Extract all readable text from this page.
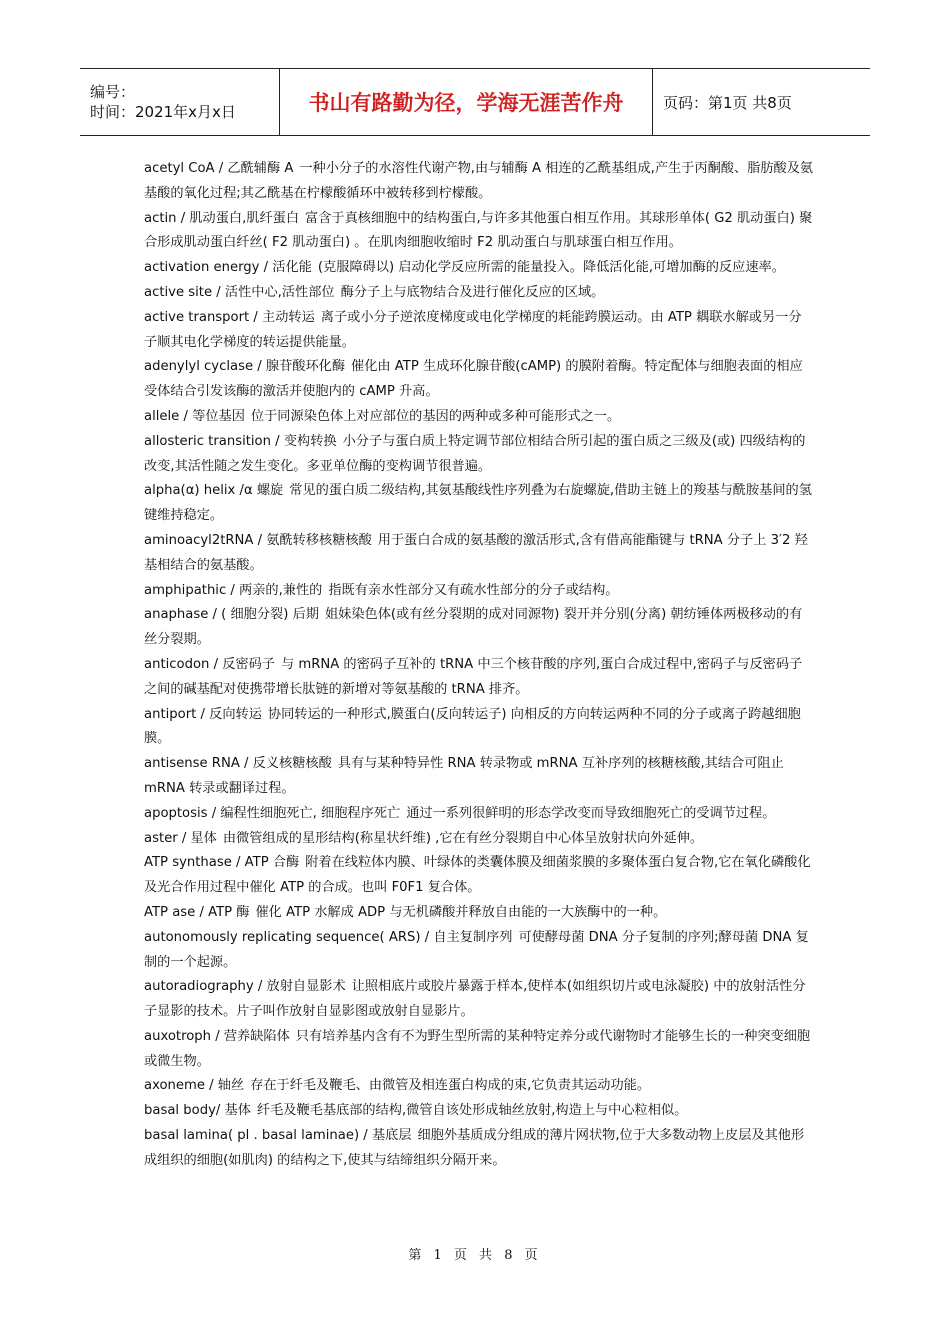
编号：
时间：2021年x月x日	书山有路勤为径，学海无涯苦作舟	页码：第1页 共8页

acetyl CoA / 乙酰辅酶 A 一种小分子的水溶性代谢产物,由与辅酶 A 相连的乙酰基组成,产生于丙酮酸、脂肪酸及氨基酸的氧化过程;其乙酰基在柠檬酸循环中被转移到柠檬酸。

actin / 肌动蛋白,肌纤蛋白 富含于真核细胞中的结构蛋白,与许多其他蛋白相互作用。其球形单体( G2 肌动蛋白) 聚合形成肌动蛋白纤丝( F2 肌动蛋白) 。在肌肉细胞收缩时 F2 肌动蛋白与肌球蛋白相互作用。

activation energy / 活化能 (克服障碍以) 启动化学反应所需的能量投入。降低活化能,可增加酶的反应速率。

active site / 活性中心,活性部位 酶分子上与底物结合及进行催化反应的区域。

active transport / 主动转运 离子或小分子逆浓度梯度或电化学梯度的耗能跨膜运动。由 ATP 耦联水解或另一分子顺其电化学梯度的转运提供能量。

adenylyl cyclase / 腺苷酸环化酶 催化由 ATP 生成环化腺苷酸(cAMP) 的膜附着酶。特定配体与细胞表面的相应受体结合引发该酶的激活并使胞内的 cAMP 升高。

allele / 等位基因 位于同源染色体上对应部位的基因的两种或多种可能形式之一。

allosteric transition / 变构转换 小分子与蛋白质上特定调节部位相结合所引起的蛋白质之三级及(或) 四级结构的改变,其活性随之发生变化。多亚单位酶的变构调节很普遍。

alpha(α) helix /α 螺旋 常见的蛋白质二级结构,其氨基酸线性序列叠为右旋螺旋,借助主链上的羧基与酰胺基间的氢键维持稳定。

aminoacyl2tRNA / 氨酰转移核糖核酸 用于蛋白合成的氨基酸的激活形式,含有借高能酯键与 tRNA 分子上 3′2 羟基相结合的氨基酸。

amphipathic / 两亲的,兼性的 指既有亲水性部分又有疏水性部分的分子或结构。

anaphase / ( 细胞分裂) 后期 姐妹染色体(或有丝分裂期的成对同源物) 裂开并分别(分离) 朝纺锤体两极移动的有丝分裂期。

anticodon / 反密码子 与 mRNA 的密码子互补的 tRNA 中三个核苷酸的序列,蛋白合成过程中,密码子与反密码子之间的碱基配对使携带增长肽链的新增对等氨基酸的 tRNA 排齐。

antiport / 反向转运 协同转运的一种形式,膜蛋白(反向转运子) 向相反的方向转运两种不同的分子或离子跨越细胞膜。

antisense RNA / 反义核糖核酸 具有与某种特异性 RNA 转录物或 mRNA 互补序列的核糖核酸,其结合可阻止 mRNA 转录或翻译过程。

apoptosis / 编程性细胞死亡, 细胞程序死亡 通过一系列很鲜明的形态学改变而导致细胞死亡的受调节过程。

aster / 星体 由微管组成的星形结构(称星状纤维) ,它在有丝分裂期自中心体呈放射状向外延伸。

ATP synthase / ATP 合酶 附着在线粒体内膜、叶绿体的类囊体膜及细菌浆膜的多聚体蛋白复合物,它在氧化磷酸化及光合作用过程中催化 ATP 的合成。也叫 F0F1 复合体。

ATP ase / ATP 酶 催化 ATP 水解成 ADP 与无机磷酸并释放自由能的一大族酶中的一种。

autonomously replicating sequence( ARS) / 自主复制序列 可使酵母菌 DNA 分子复制的序列;酵母菌 DNA 复制的一个起源。

autoradiography / 放射自显影术 让照相底片或胶片暴露于样本,使样本(如组织切片或电泳凝胶) 中的放射活性分子显影的技术。片子叫作放射自显影图或放射自显影片。

auxotroph / 营养缺陷体 只有培养基内含有不为野生型所需的某种特定养分或代谢物时才能够生长的一种突变细胞或微生物。

axoneme / 轴丝 存在于纤毛及鞭毛、由微管及相连蛋白构成的束,它负责其运动功能。

basal body/ 基体 纤毛及鞭毛基底部的结构,微管自该处形成轴丝放射,构造上与中心粒相似。

basal lamina( pl . basal laminae) / 基底层 细胞外基质成分组成的薄片网状物,位于大多数动物上皮层及其他形成组织的细胞(如肌肉) 的结构之下,使其与结缔组织分隔开来。

第 1 页 共 8 页
